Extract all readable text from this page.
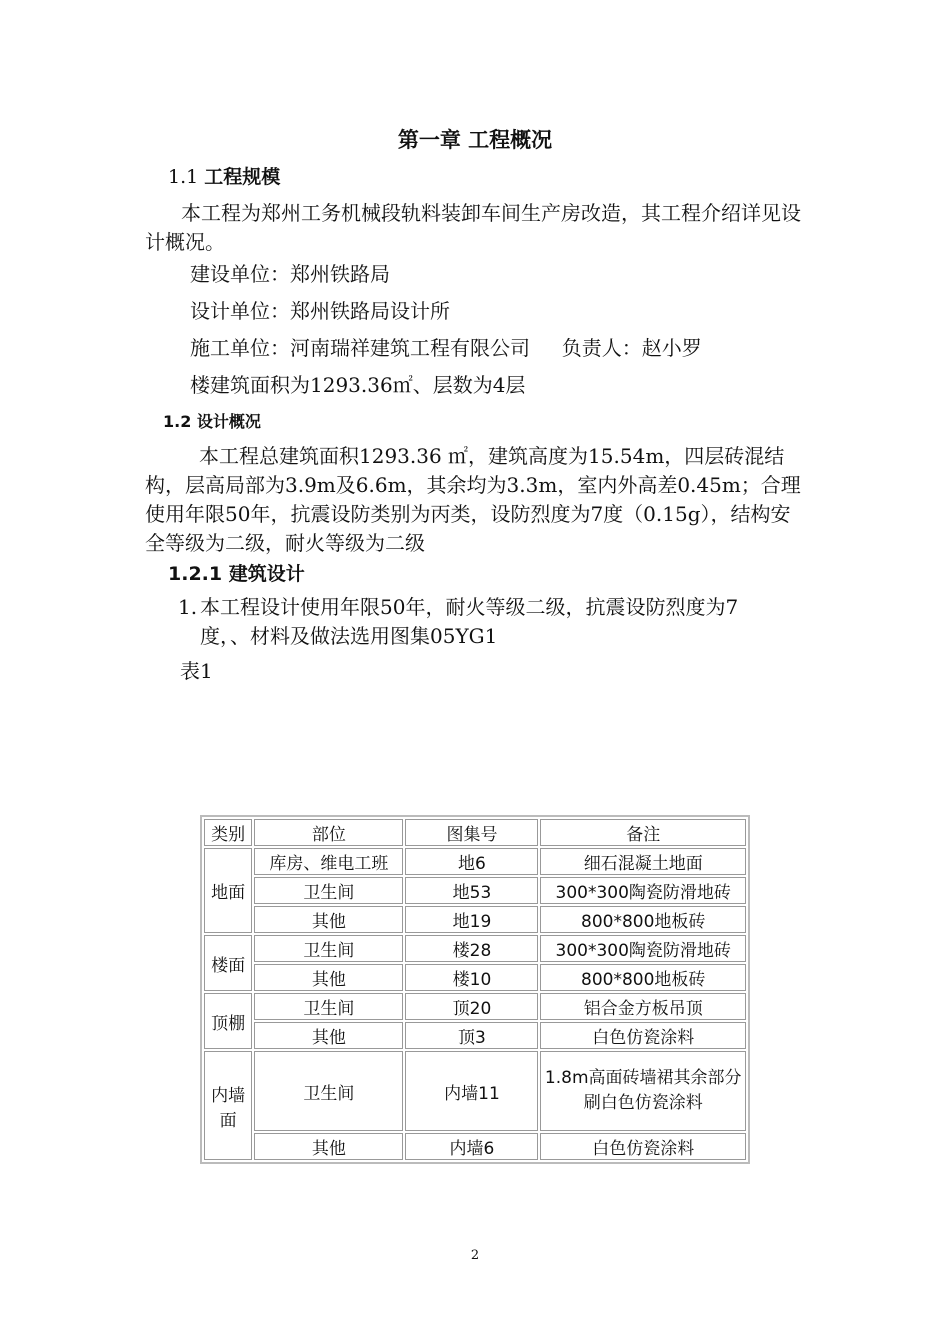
第一章 工程概况
1.1 工程规模
本工程为郑州工务机械段轨料装卸车间生产房改造，其工程介绍详见设计概况。
建设单位：郑州铁路局
设计单位：郑州铁路局设计所
施工单位：河南瑞祥建筑工程有限公司     负责人：赵小罗
楼建筑面积为1293.36㎡、层数为4层
1.2 设计概况
本工程总建筑面积1293.36 ㎡，建筑高度为15.54m，四层砖混结构，层高局部为3.9m及6.6m，其余均为3.3m，室内外高差0.45m；合理使用年限50年，抗震设防类别为丙类，设防烈度为7度（0.15g），结构安全等级为二级，耐火等级为二级
1.2.1 建筑设计
1. 本工程设计使用年限50年，耐火等级二级，抗震设防烈度为7
度，、材料及做法选用图集05YG1
表1
类别	部位	图集号	备注
地面	库房、维电工班	地6	细石混凝土地面
	卫生间	地53	300*300陶瓷防滑地砖
	其他	地19	800*800地板砖
楼面	卫生间	楼28	300*300陶瓷防滑地砖
	其他	楼10	800*800地板砖
顶棚	卫生间	顶20	铝合金方板吊顶
	其他	顶3	白色仿瓷涂料
内墙面	卫生间	内墙11	1.8m高面砖墙裙其余部分刷白色仿瓷涂料
	其他	内墙6	白色仿瓷涂料
2
